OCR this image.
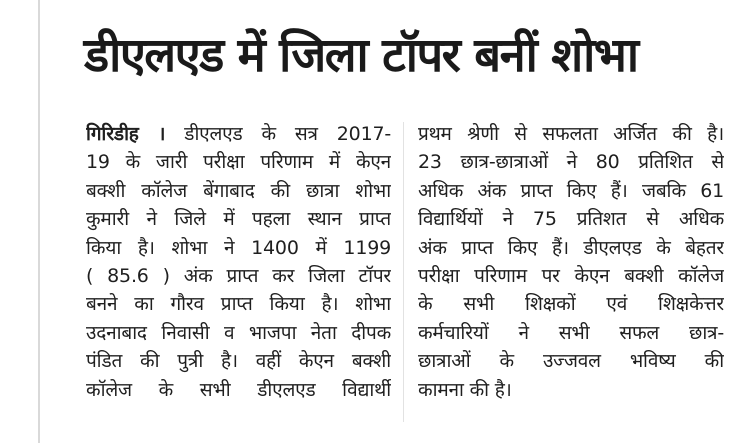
डीएलएड में जिला टॉपर बनीं शोभा
गिरिडीह । डीएलएड के सत्र 2017-
19 के जारी परीक्षा परिणाम में केएन
बक्शी कॉलेज बेंगाबाद की छात्रा शोभा
कुमारी ने जिले में पहला स्थान प्राप्त
किया है। शोभा ने 1400 में 1199
( 85.6 ) अंक प्राप्त कर जिला टॉपर
बनने का गौरव प्राप्त किया है। शोभा
उदनाबाद निवासी व भाजपा नेता दीपक
पंडित की पुत्री है। वहीं केएन बक्शी
कॉलेज के सभी डीएलएड विद्यार्थी
प्रथम श्रेणी से सफलता अर्जित की है।
23 छात्र-छात्राओं ने 80 प्रतिशित से
अधिक अंक प्राप्त किए हैं। जबकि 61
विद्यार्थियों ने 75 प्रतिशत से अधिक
अंक प्राप्त किए हैं। डीएलएड के बेहतर
परीक्षा परिणाम पर केएन बक्शी कॉलेज
के सभी शिक्षकों एवं शिक्षकेत्तर
कर्मचारियों ने सभी सफल छात्र-
छात्राओं के उज्जवल भविष्य की
कामना की है।
